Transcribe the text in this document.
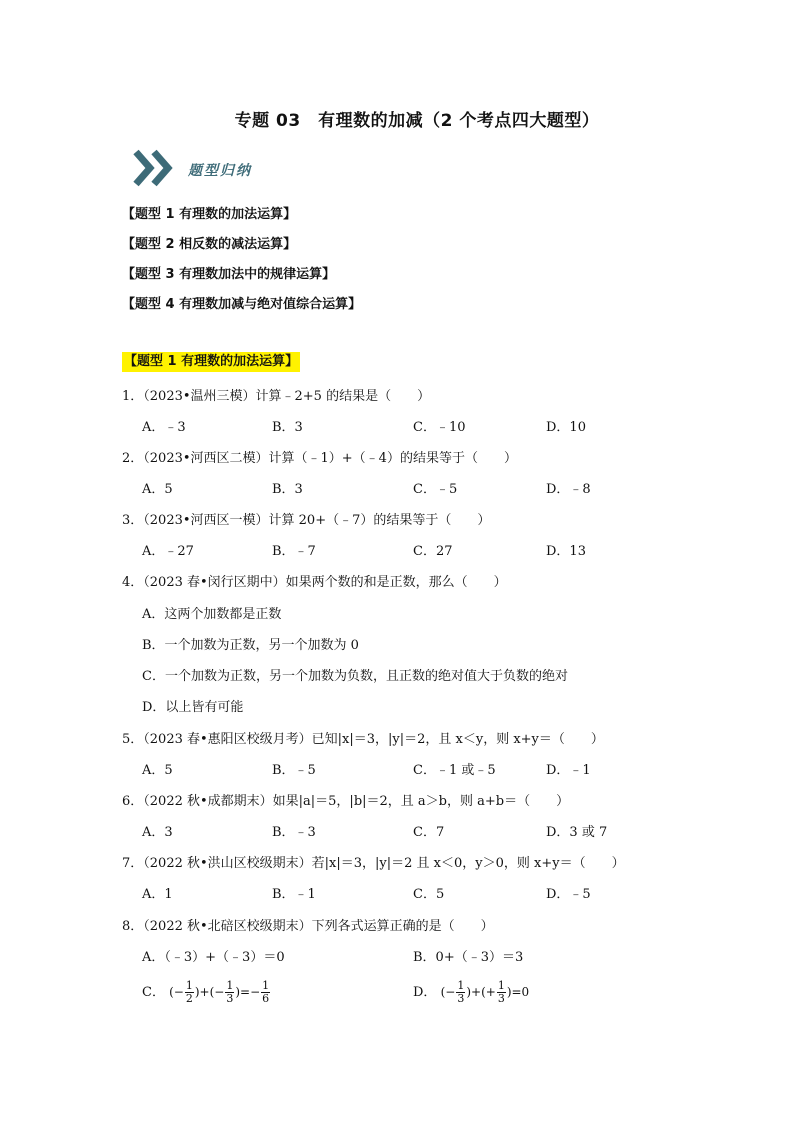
专题 03　有理数的加减（2 个考点四大题型）
题型归纳
【题型 1 有理数的加法运算】
【题型 2 相反数的减法运算】
【题型 3 有理数加法中的规律运算】
【题型 4 有理数加减与绝对值综合运算】
【题型 1 有理数的加法运算】
1．（2023•温州三模）计算﹣2+5 的结果是（　　）
A．﹣3	B．3	C．﹣10	D．10
2．（2023•河西区二模）计算（﹣1）+（﹣4）的结果等于（　　）
A．5	B．3	C．﹣5	D．﹣8
3．（2023•河西区一模）计算 20+（﹣7）的结果等于（　　）
A．﹣27	B．﹣7	C．27	D．13
4．（2023 春•闵行区期中）如果两个数的和是正数，那么（　　）
A．这两个加数都是正数
B．一个加数为正数，另一个加数为 0
C．一个加数为正数，另一个加数为负数，且正数的绝对值大于负数的绝对
D．以上皆有可能
5．（2023 春•惠阳区校级月考）已知|x|＝3，|y|＝2，且 x＜y，则 x+y＝（　　）
A．5	B．﹣5	C．﹣1 或﹣5	D．﹣1
6．（2022 秋•成都期末）如果|a|＝5，|b|＝2，且 a＞b，则 a+b＝（　　）
A．3	B．﹣3	C．7	D．3 或 7
7．（2022 秋•洪山区校级期末）若|x|＝3，|y|＝2 且 x＜0，y＞0，则 x+y＝（　　）
A．1	B．﹣1	C．5	D．﹣5
8．（2022 秋•北碚区校级期末）下列各式运算正确的是（　　）
A．（﹣3）+（﹣3）＝0	B．0+（﹣3）＝3
C． (− $\frac{1}{2}$ )+(− $\frac{1}{3}$ )=− $\frac{1}{6}$	D． (− $\frac{1}{3}$ )+(+ $\frac{1}{3} )=0$
